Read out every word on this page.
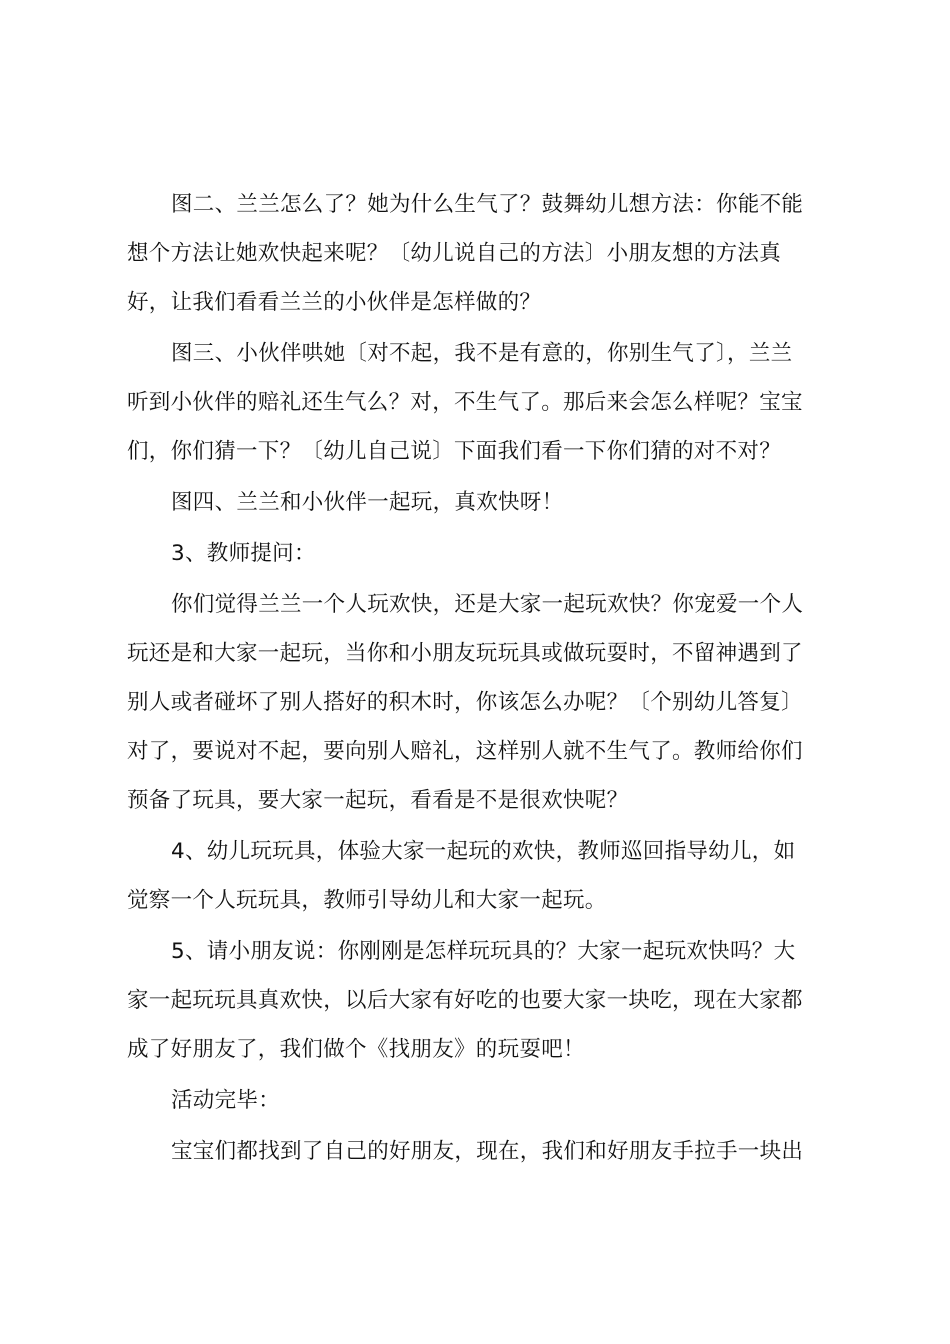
图二、兰兰怎么了？她为什么生气了？鼓舞幼儿想方法：你能不能
想个方法让她欢快起来呢？〔幼儿说自己的方法〕小朋友想的方法真
好，让我们看看兰兰的小伙伴是怎样做的？

图三、小伙伴哄她〔对不起，我不是有意的，你别生气了〕，兰兰
听到小伙伴的赔礼还生气么？对，不生气了。那后来会怎么样呢？宝宝
们，你们猜一下？〔幼儿自己说〕下面我们看一下你们猜的对不对？

图四、兰兰和小伙伴一起玩，真欢快呀！

3、教师提问：

你们觉得兰兰一个人玩欢快，还是大家一起玩欢快？你宠爱一个人
玩还是和大家一起玩，当你和小朋友玩玩具或做玩耍时，不留神遇到了
别人或者碰坏了别人搭好的积木时，你该怎么办呢？〔个别幼儿答复〕
对了，要说对不起，要向别人赔礼，这样别人就不生气了。教师给你们
预备了玩具，要大家一起玩，看看是不是很欢快呢？

4、幼儿玩玩具，体验大家一起玩的欢快，教师巡回指导幼儿，如
觉察一个人玩玩具，教师引导幼儿和大家一起玩。

5、请小朋友说：你刚刚是怎样玩玩具的？大家一起玩欢快吗？大
家一起玩玩具真欢快，以后大家有好吃的也要大家一块吃，现在大家都
成了好朋友了，我们做个《找朋友》的玩耍吧！

活动完毕：

宝宝们都找到了自己的好朋友，现在，我们和好朋友手拉手一块出
